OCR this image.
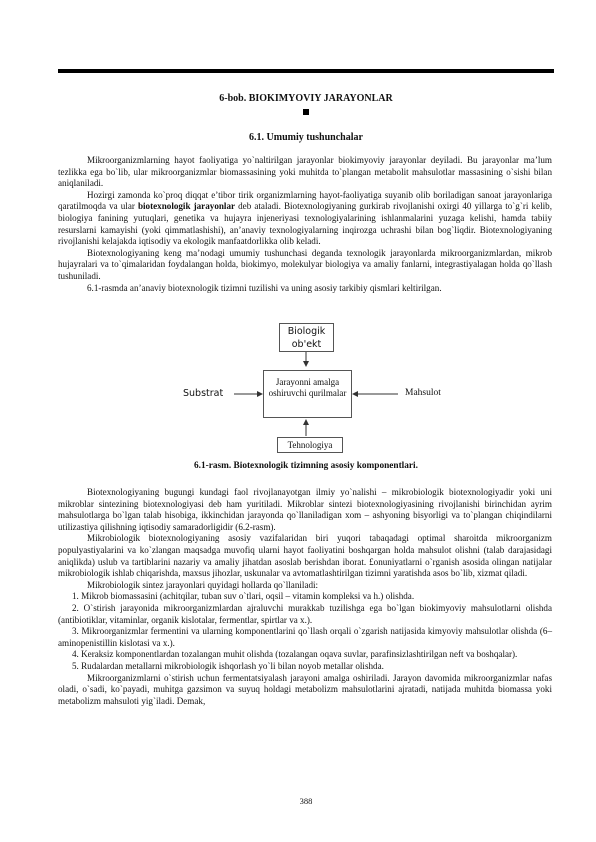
6-bob. BIOKIMYOVIY JARAYONLAR
6.1. Umumiy tushunchalar

Mikroorganizmlarning hayot faoliyatiga yo`naltirilgan jarayonlar biokimyoviy jarayonlar deyiladi. Bu jarayonlar ma’lum tezlikka ega bo`lib, ular mikroorganizmlar biomassasining yoki muhitda to`plangan metabolit mahsulotlar massasining o`sishi bilan aniqlaniladi.

Hozirgi zamonda ko`proq diqqat e’tibor tirik organizmlarning hayot-faoliyatiga suyanib olib boriladigan sanoat jarayonlariga qaratilmoqda va ular biotexnologik jarayonlar deb ataladi. Biotexnologiyaning gurkirab rivojlanishi oxirgi 40 yillarga to`g`ri kelib, biologiya fanining yutuqlari, genetika va hujayra injeneriyasi texnologiyalarining ishlanmalarini yuzaga kelishi, hamda tabiiy resurslarni kamayishi (yoki qimmatlashishi), an’anaviy texnologiyalarning inqirozga uchrashi bilan bog`liqdir. Biotexnologiyaning rivojlanishi kelajakda iqtisodiy va ekologik manfaatdorlikka olib keladi.

Biotexnologiyaning keng ma’nodagi umumiy tushunchasi deganda texnologik jarayonlarda mikroorganizmlardan, mikrob hujayralari va to`qimalaridan foydalangan holda, biokimyo, molekulyar biologiya va amaliy fanlarni, integrastiyalagan holda qo`llash tushuniladi.

6.1-rasmda an’anaviy biotexnologik tizimni tuzilishi va uning asosiy tarkibiy qismlari keltirilgan.

Biologik ob'ekt
Jarayonni amalga oshiruvchi qurilmalar
Substrat	Mahsulot
Tehnologiya
6.1-rasm. Biotexnologik tizimning asosiy komponentlari.

Biotexnologiyaning bugungi kundagi faol rivojlanayotgan ilmiy yo`nalishi – mikrobiologik biotexnologiyadir yoki uni mikroblar sintezining biotexnologiyasi deb ham yuritiladi. Mikroblar sintezi biotexnologiyasining rivojlanishi birinchidan ayrim mahsulotlarga bo`lgan talab hisobiga, ikkinchidan jarayonda qo`llaniladigan xom – ashyoning bisyorligi va to`plangan chiqindilarni utilizastiya qilishning iqtisodiy samaradorligidir (6.2-rasm).

Mikrobiologik biotexnologiyaning asosiy vazifalaridan biri yuqori tabaqadagi optimal sharoitda mikroorganizm populyastiyalarini va ko`zlangan maqsadga muvofiq ularni hayot faoliyatini boshqargan holda mahsulot olishni (talab darajasidagi aniqlikda) uslub va tartiblarini nazariy va amaliy jihatdan asoslab berishdan iborat. £onuniyatlarni o`rganish asosida olingan natijalar mikrobiologik ishlab chiqarishda, maxsus jihozlar, uskunalar va avtomatlashtirilgan tizimni yaratishda asos bo`lib, xizmat qiladi.

Mikrobiologik sintez jarayonlari quyidagi hollarda qo`llaniladi:

1. Mikrob biomassasini (achitqilar, tuban suv o`tlari, oqsil – vitamin kompleksi va h.) olishda.

2. O`stirish jarayonida mikroorganizmlardan ajraluvchi murakkab tuzilishga ega bo`lgan biokimyoviy mahsulotlarni olishda (antibiotiklar, vitaminlar, organik kislotalar, fermentlar, spirtlar va x.).

3. Mikroorganizmlar fermentini va ularning komponentlarini qo`llash orqali o`zgarish natijasida kimyoviy mahsulotlar olishda (6–aminopenistillin kislotasi va x.).

4. Keraksiz komponentlardan tozalangan muhit olishda (tozalangan oqava suvlar, parafinsizlashtirilgan neft va boshqalar).

5. Rudalardan metallarni mikrobiologik ishqorlash yo`li bilan noyob metallar olishda.

Mikroorganizmlarni o`stirish uchun fermentatsiyalash jarayoni amalga oshiriladi. Jarayon davomida mikroorganizmlar nafas oladi, o`sadi, ko`payadi, muhitga gazsimon va suyuq holdagi metabolizm mahsulotlarini ajratadi, natijada muhitda biomassa yoki metabolizm mahsuloti yig`iladi. Demak,

388
